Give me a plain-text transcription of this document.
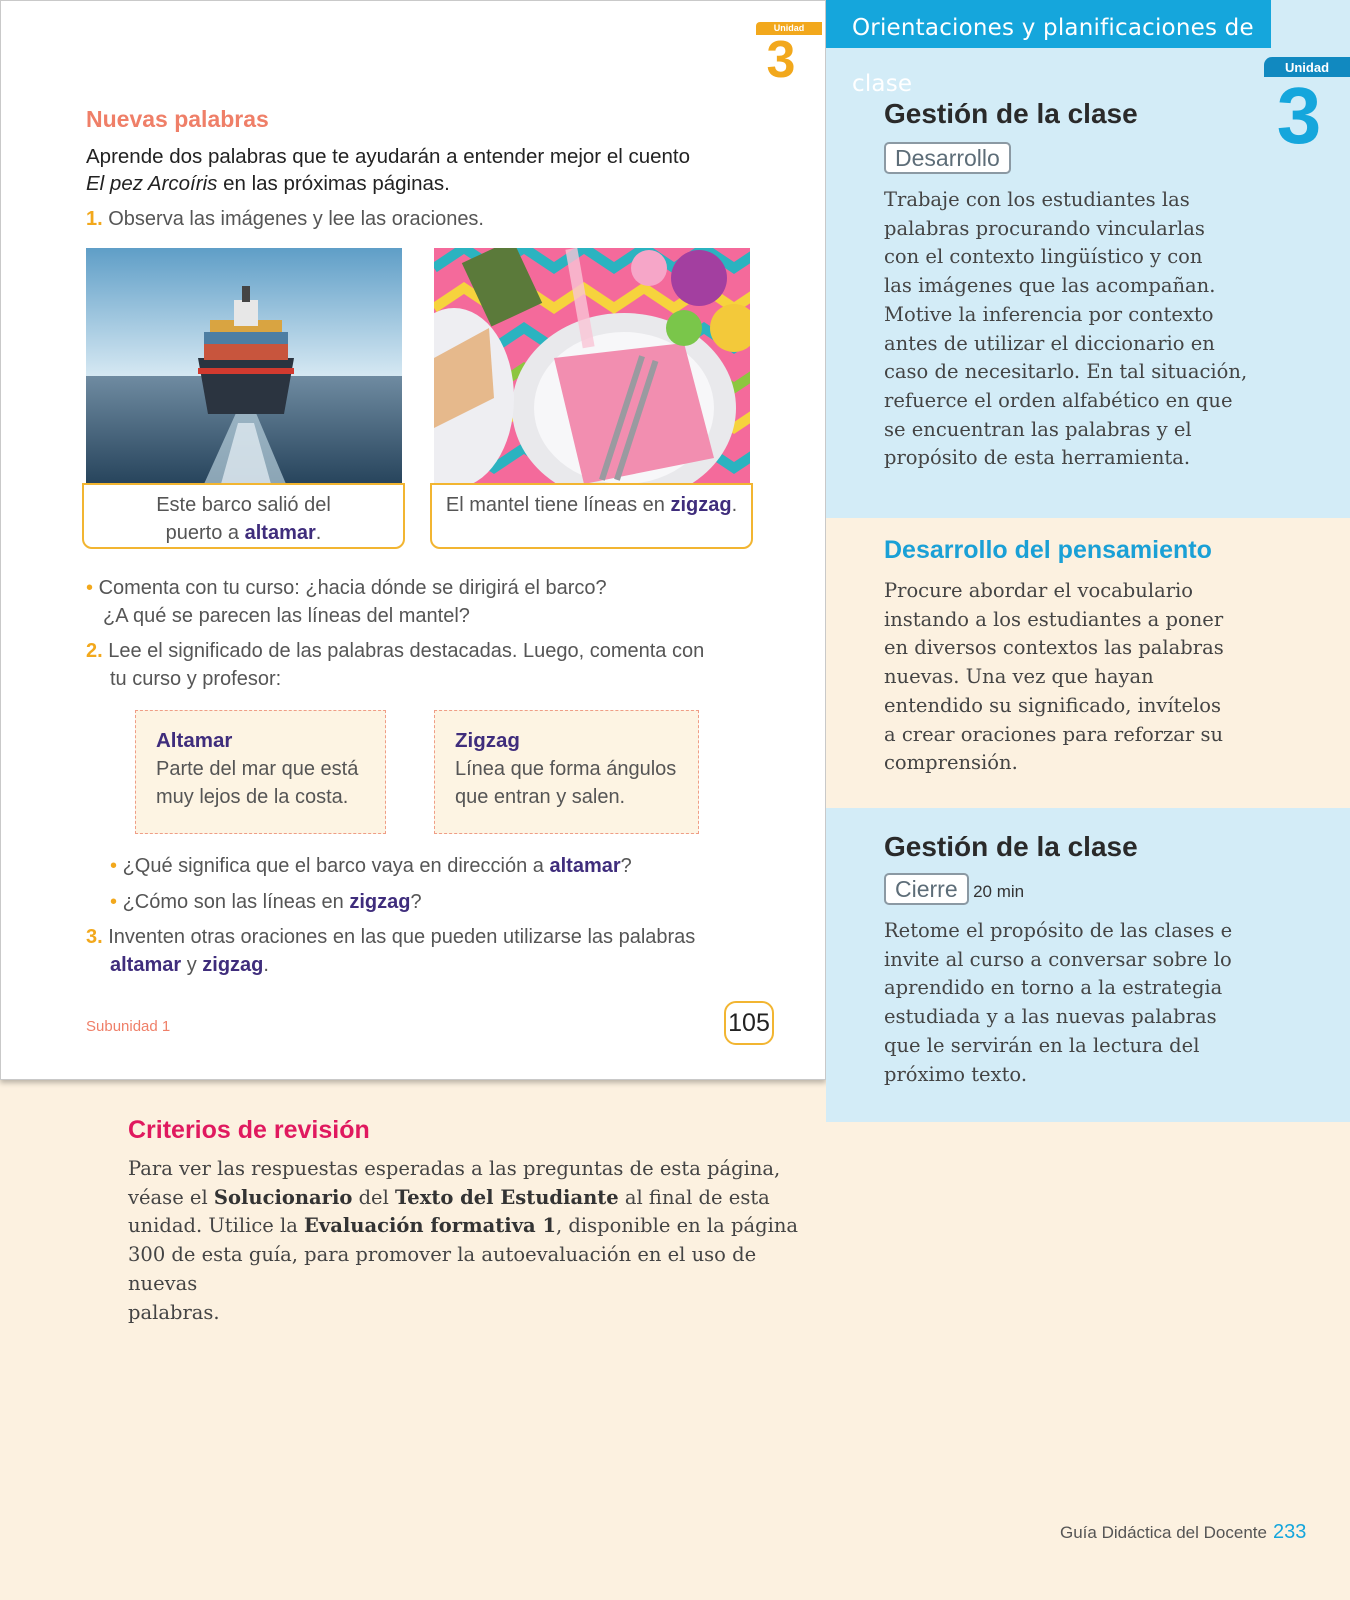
Unidad
3
Nuevas palabras
Aprende dos palabras que te ayudarán a entender mejor el cuento
El pez Arcoíris en las próximas páginas.
1. Observa las imágenes y lee las oraciones.
Este barco salió del
puerto a altamar.
El mantel tiene líneas en zigzag.
• Comenta con tu curso: ¿hacia dónde se dirigirá el barco?
¿A qué se parecen las líneas del mantel?
2. Lee el significado de las palabras destacadas. Luego, comenta con
tu curso y profesor:
Altamar
Parte del mar que está
muy lejos de la costa.
Zigzag
Línea que forma ángulos
que entran y salen.
• ¿Qué significa que el barco vaya en dirección a altamar?
• ¿Cómo son las líneas en zigzag?
3. Inventen otras oraciones en las que pueden utilizarse las palabras
altamar y zigzag.
Subunidad 1	105
Orientaciones y planificaciones de clase
Unidad
3
Gestión de la clase
Desarrollo
Trabaje con los estudiantes las
palabras procurando vincularlas
con el contexto lingüístico y con
las imágenes que las acompañan.
Motive la inferencia por contexto
antes de utilizar el diccionario en
caso de necesitarlo. En tal situación,
refuerce el orden alfabético en que
se encuentran las palabras y el
propósito de esta herramienta.
Desarrollo del pensamiento
Procure abordar el vocabulario
instando a los estudiantes a poner
en diversos contextos las palabras
nuevas. Una vez que hayan
entendido su significado, invítelos
a crear oraciones para reforzar su
comprensión.
Gestión de la clase
Cierre 20 min
Retome el propósito de las clases e
invite al curso a conversar sobre lo
aprendido en torno a la estrategia
estudiada y a las nuevas palabras
que le servirán en la lectura del
próximo texto.
Criterios de revisión
Para ver las respuestas esperadas a las preguntas de esta página,
véase el Solucionario del Texto del Estudiante al final de esta
unidad. Utilice la Evaluación formativa 1, disponible en la página
300 de esta guía, para promover la autoevaluación en el uso de nuevas
palabras.
Guía Didáctica del Docente 233
